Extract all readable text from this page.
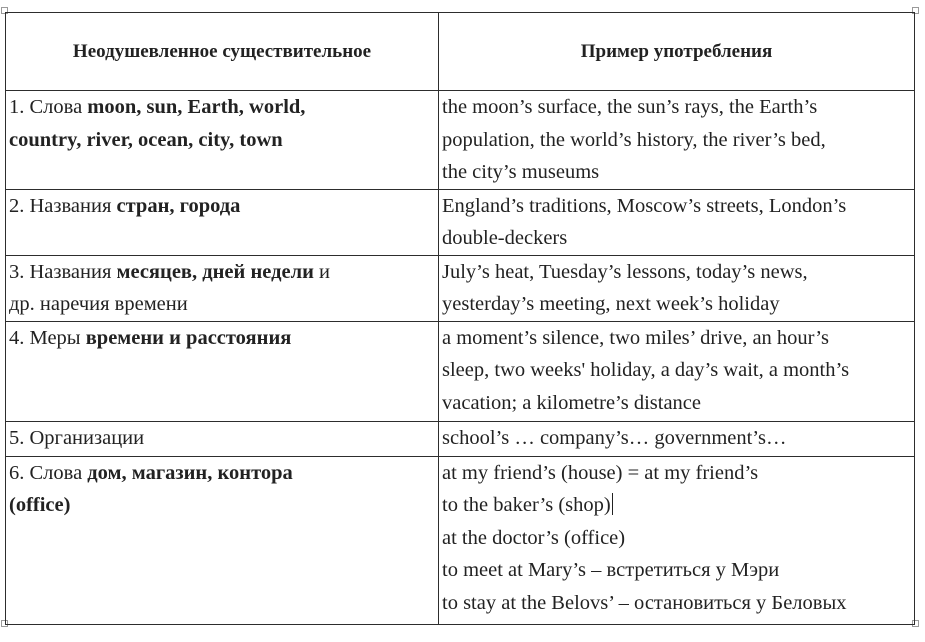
Неодушевленное существительное	Пример употребления

1. Слова moon, sun, Earth, world,
country, river, ocean, city, town	the moon’s surface, the sun’s rays, the Earth’s
population, the world’s history, the river’s bed,
the city’s museums

2. Названия стран, города	England’s traditions, Moscow’s streets, London’s
double-deckers

3. Названия месяцев, дней недели и
др. наречия времени	July’s heat, Tuesday’s lessons, today’s news,
yesterday’s meeting, next week’s holiday

4. Меры времени и расстояния	a moment’s silence, two miles’ drive, an hour’s
sleep, two weeks' holiday, a day’s wait, a month’s
vacation; a kilometre’s distance

5. Организации	school’s … company’s… government’s…

6. Слова дом, магазин, контора
(office)	at my friend’s (house) = at my friend’s
to the baker’s (shop)
at the doctor’s (office)
to meet at Mary’s – встретиться у Мэри
to stay at the Belovs’ – остановиться у Беловых
